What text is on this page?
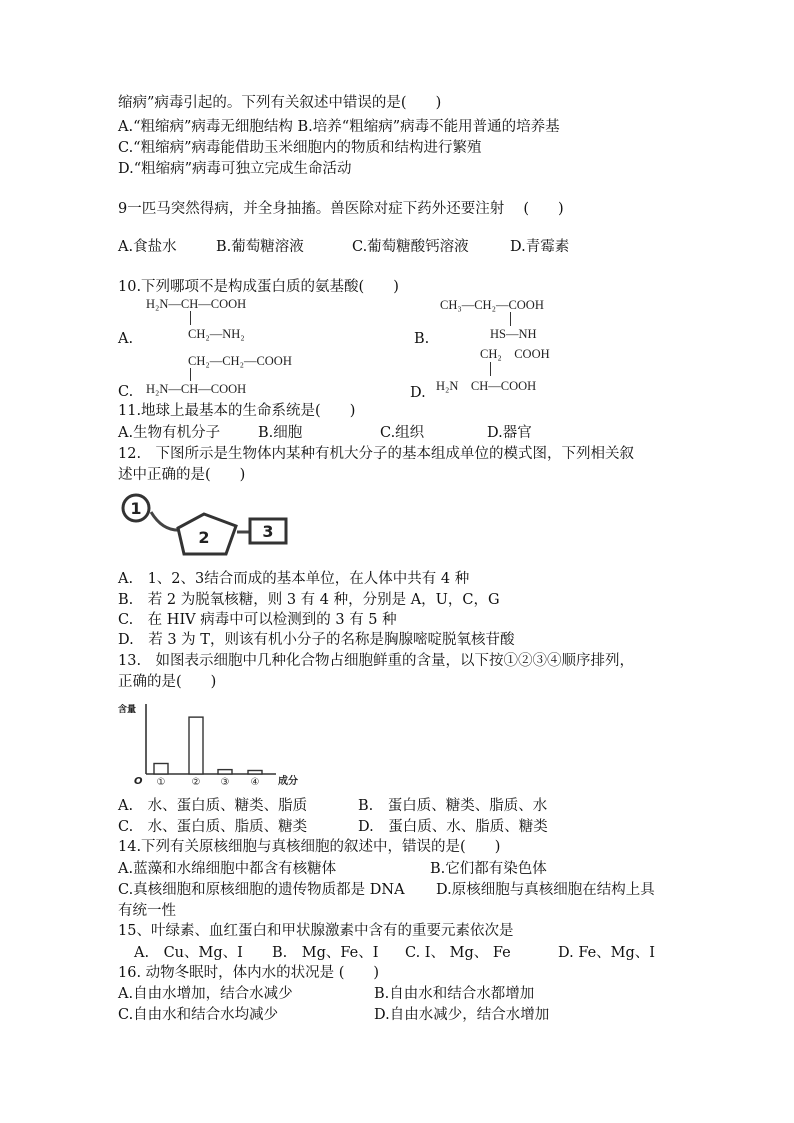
缩病”病毒引起的。下列有关叙述中错误的是(　　)
A.“粗缩病”病毒无细胞结构 B.培养“粗缩病”病毒不能用普通的培养基
C.“粗缩病”病毒能借助玉米细胞内的物质和结构进行繁殖
D.“粗缩病”病毒可独立完成生命活动
9一匹马突然得病，并全身抽搐。兽医除对症下药外还要注射　 (　　)
A.食盐水	B.葡萄糖溶液	C.葡萄糖酸钙溶液	D.青霉素
10.下列哪项不是构成蛋白质的氨基酸(　　)
H₂N—CH—COOH
CH₂—NH₂
A.
CH₃—CH₂—COOH
HS—NH
B.
CH₂—CH₂—COOH
H₂N—CH—COOH
C.
CH₂　COOH
H₂N　CH—COOH
D.
11.地球上最基本的生命系统是(　　)
A.生物有机分子	B.细胞	C.组织	D.器官
12.　下图所示是生物体内某种有机大分子的基本组成单位的模式图，下列相关叙
述中正确的是(　　)
1
2	3
A.　1、2、3结合而成的基本单位，在人体中共有 4 种
B.　若 2 为脱氧核糖，则 3 有 4 种，分别是 A，U，C，G
C.　在 HIV 病毒中可以检测到的 3 有 5 种
D.　若 3 为 T，则该有机小分子的名称是胸腺嘧啶脱氧核苷酸
13.　如图表示细胞中几种化合物占细胞鲜重的含量，以下按①②③④顺序排列，
正确的是(　　)
含量
O	成分
①	② ③ ④
A.　水、蛋白质、糖类、脂质	B.　蛋白质、糖类、脂质、水
C.　水、蛋白质、脂质、糖类	D.　蛋白质、水、脂质、糖类
14.下列有关原核细胞与真核细胞的叙述中，错误的是(　　)
A.蓝藻和水绵细胞中都含有核糖体	B.它们都有染色体
C.真核细胞和原核细胞的遗传物质都是 DNA D.原核细胞与真核细胞在结构上具
有统一性
15、叶绿素、血红蛋白和甲状腺激素中含有的重要元素依次是
A.　Cu、Mg、I B.　Mg、Fe、I C. I、 Mg、 Fe	D. Fe、Mg、I
16. 动物冬眠时，体内水的状况是 (　　)
A.自由水增加，结合水减少	B.自由水和结合水都增加
C.自由水和结合水均减少	D.自由水减少，结合水增加
